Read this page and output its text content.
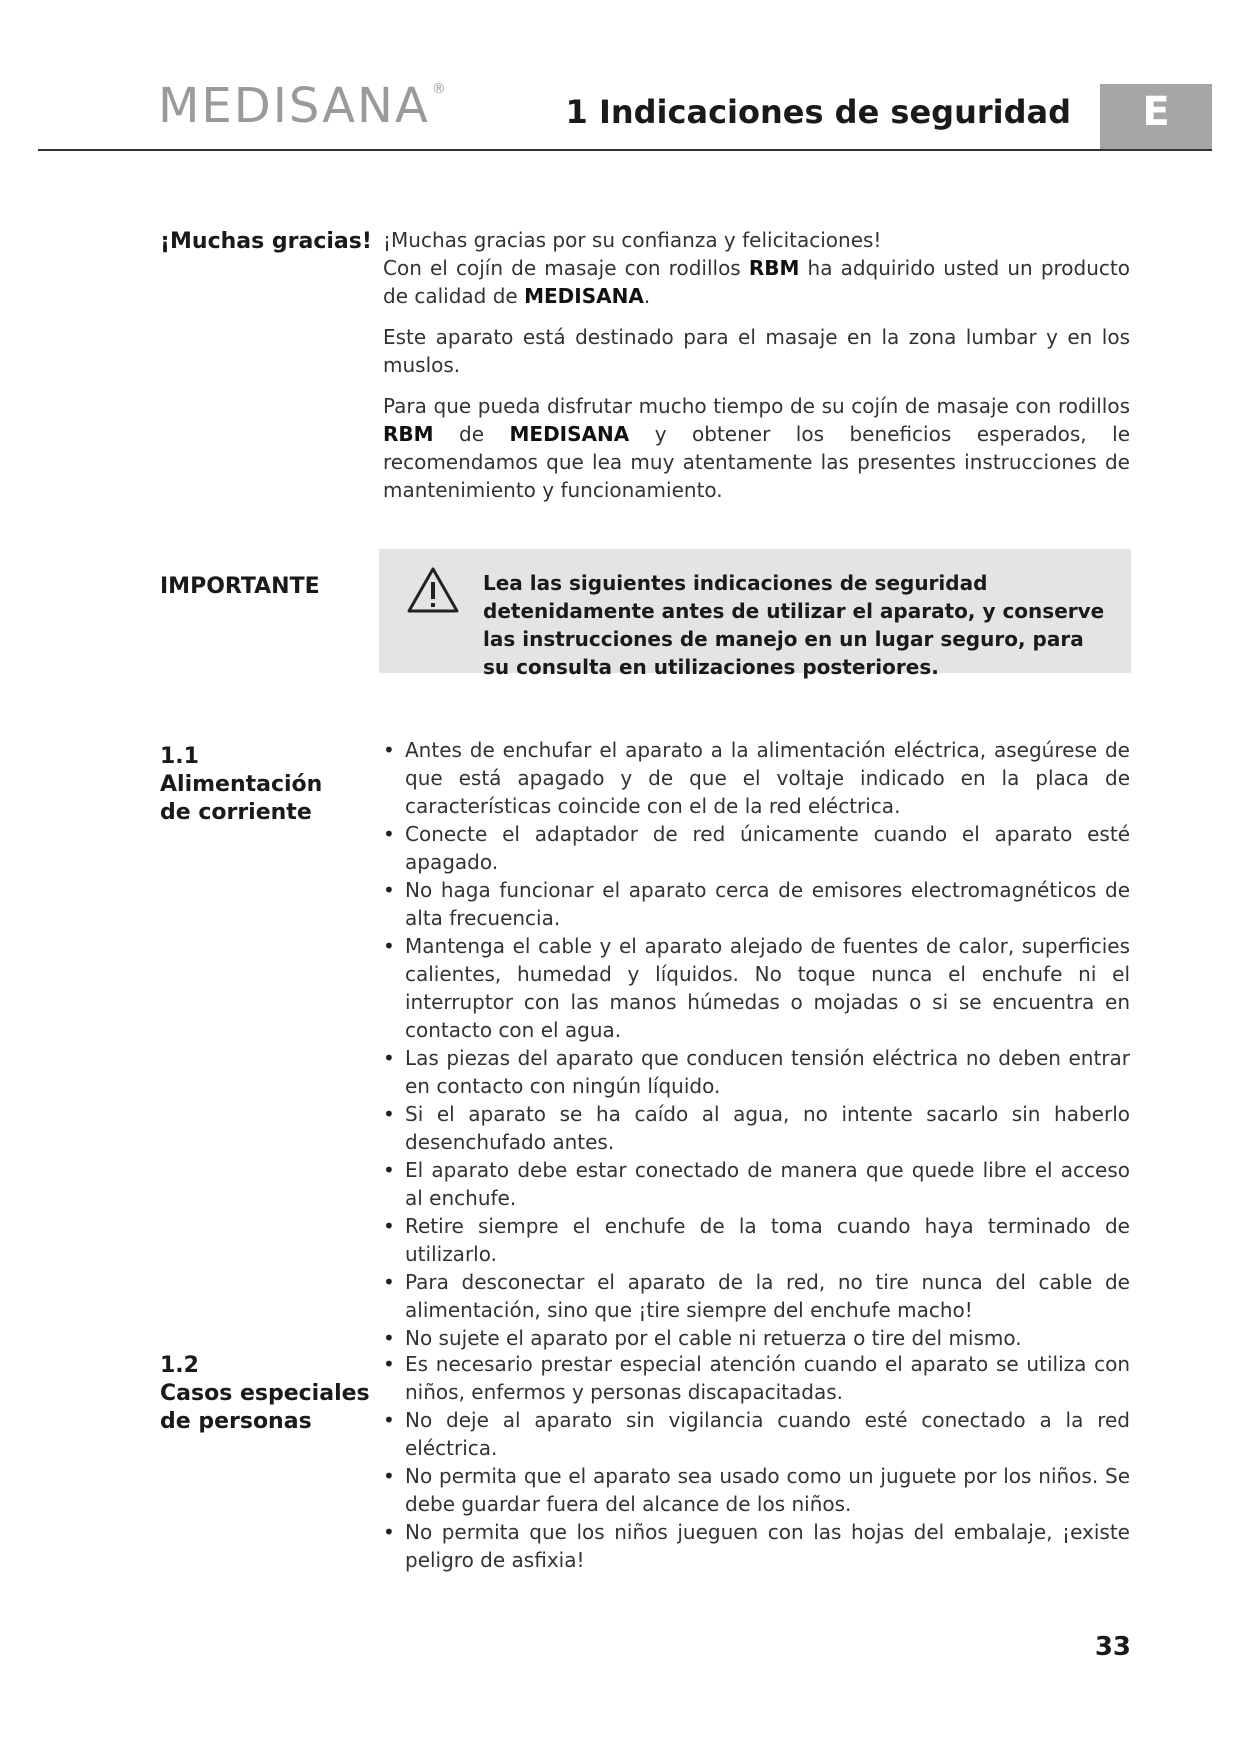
MEDISANA ®
1 Indicaciones de seguridad E
¡Muchas gracias! ¡Muchas gracias por su confianza y felicitaciones!
Con el cojín de masaje con rodillos RBM ha adquirido usted un producto de calidad de MEDISANA.

Este aparato está destinado para el masaje en la zona lumbar y en los muslos.

Para que pueda disfrutar mucho tiempo de su cojín de masaje con rodillos RBM de MEDISANA y obtener los beneficios esperados, le recomendamos que lea muy atentamente las presentes instrucciones de mantenimiento y funcionamiento.

IMPORTANTE	Lea las siguientes indicaciones de seguridad detenidamente antes de utilizar el aparato, y conserve las instrucciones de manejo en un lugar seguro, para su consulta en utilizaciones posteriores.
1.1
Alimentación
de corriente
• Antes de enchufar el aparato a la alimentación eléctrica, asegúrese de que está apagado y de que el voltaje indicado en la placa de características coincide con el de la red eléctrica.
• Conecte el adaptador de red únicamente cuando el aparato esté apagado.
• No haga funcionar el aparato cerca de emisores electromagnéticos de alta frecuencia.
• Mantenga el cable y el aparato alejado de fuentes de calor, superficies calientes, humedad y líquidos. No toque nunca el enchufe ni el interruptor con las manos húmedas o mojadas o si se encuentra en contacto con el agua.
• Las piezas del aparato que conducen tensión eléctrica no deben entrar en contacto con ningún líquido.
• Si el aparato se ha caído al agua, no intente sacarlo sin haberlo desenchufado antes.
• El aparato debe estar conectado de manera que quede libre el acceso al enchufe.
• Retire siempre el enchufe de la toma cuando haya terminado de utilizarlo.
• Para desconectar el aparato de la red, no tire nunca del cable de alimentación, sino que ¡tire siempre del enchufe macho!
• No sujete el aparato por el cable ni retuerza o tire del mismo.
1.2
Casos especiales
de personas
• Es necesario prestar especial atención cuando el aparato se utiliza con niños, enfermos y personas discapacitadas.
• No deje al aparato sin vigilancia cuando esté conectado a la red eléctrica.
• No permita que el aparato sea usado como un juguete por los niños. Se debe guardar fuera del alcance de los niños.
• No permita que los niños jueguen con las hojas del embalaje, ¡existe peligro de asfixia!
33
